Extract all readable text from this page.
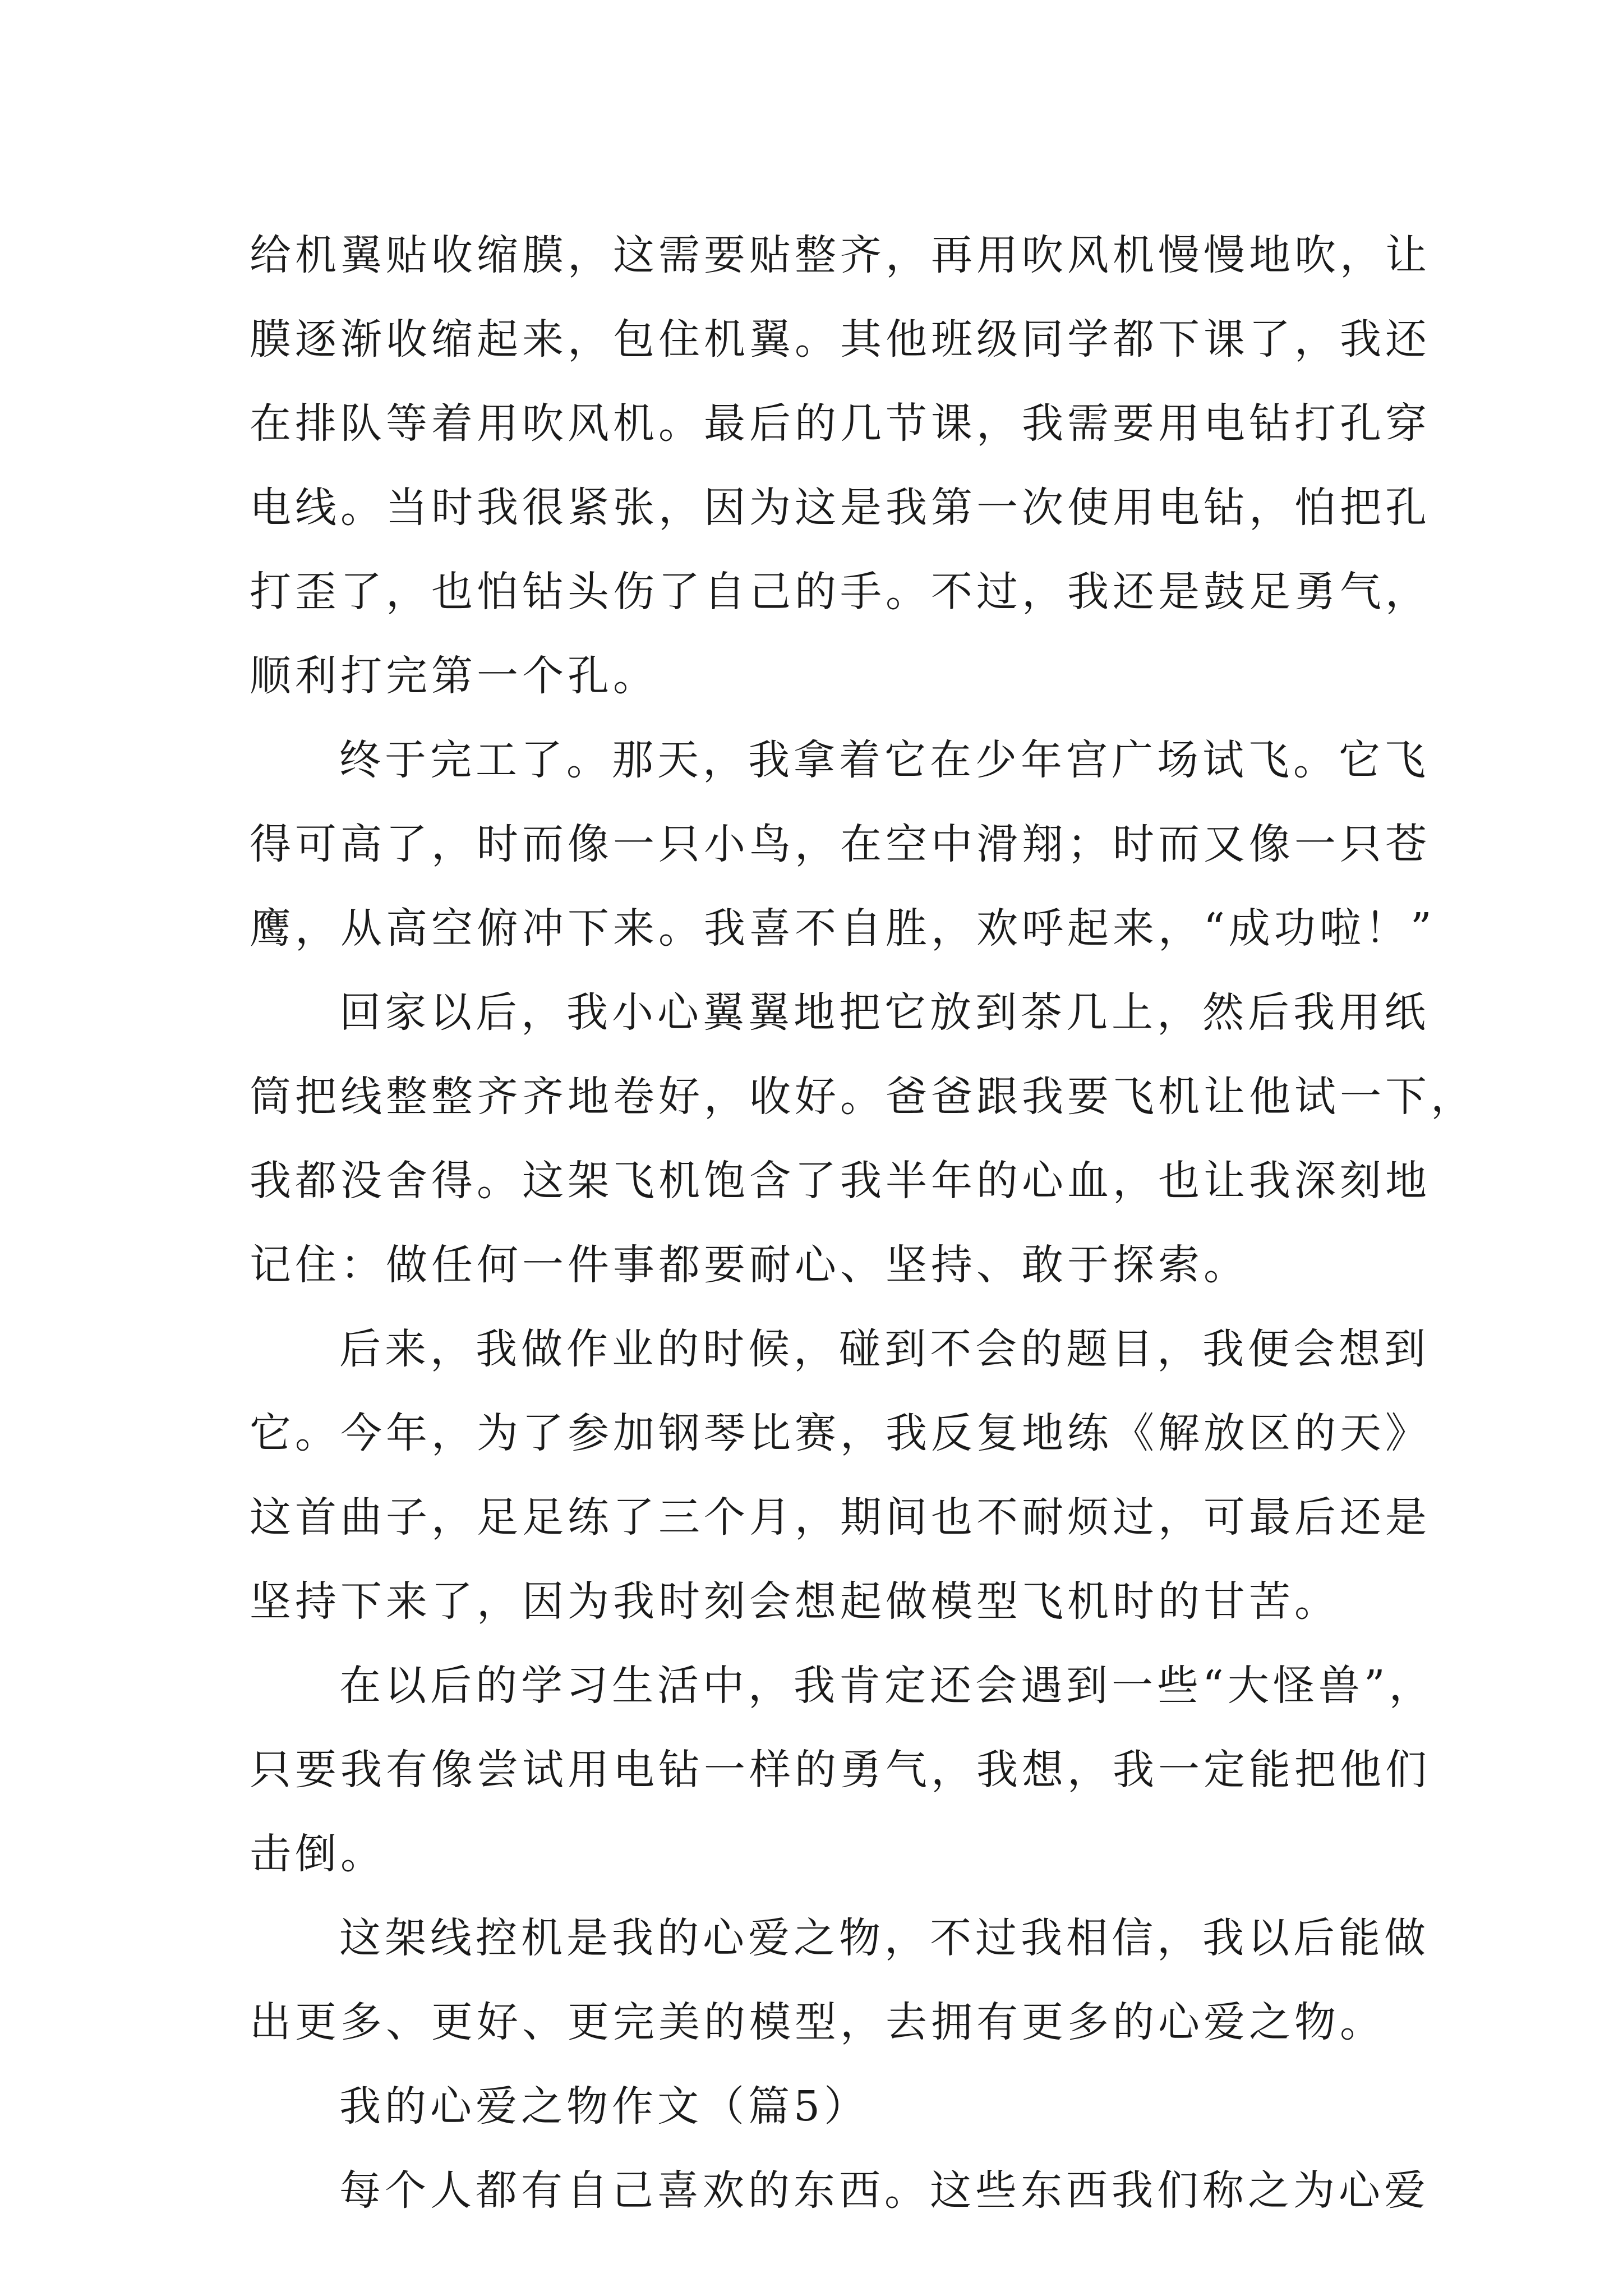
给机翼贴收缩膜，这需要贴整齐，再用吹风机慢慢地吹，让
膜逐渐收缩起来，包住机翼。其他班级同学都下课了，我还
在排队等着用吹风机。最后的几节课，我需要用电钻打孔穿
电线。当时我很紧张，因为这是我第一次使用电钻，怕把孔
打歪了，也怕钻头伤了自己的手。不过，我还是鼓足勇气，
顺利打完第一个孔。

终于完工了。那天，我拿着它在少年宫广场试飞。它飞
得可高了，时而像一只小鸟，在空中滑翔；时而又像一只苍
鹰，从高空俯冲下来。我喜不自胜，欢呼起来，“成功啦！”

回家以后，我小心翼翼地把它放到茶几上，然后我用纸
筒把线整整齐齐地卷好，收好。爸爸跟我要飞机让他试一下，
我都没舍得。这架飞机饱含了我半年的心血，也让我深刻地
记住：做任何一件事都要耐心、坚持、敢于探索。

后来，我做作业的时候，碰到不会的题目，我便会想到
它。今年，为了参加钢琴比赛，我反复地练《解放区的天》
这首曲子，足足练了三个月，期间也不耐烦过，可最后还是
坚持下来了，因为我时刻会想起做模型飞机时的甘苦。

在以后的学习生活中，我肯定还会遇到一些“大怪兽”，
只要我有像尝试用电钻一样的勇气，我想，我一定能把他们
击倒。

这架线控机是我的心爱之物，不过我相信，我以后能做
出更多、更好、更完美的模型，去拥有更多的心爱之物。

我的心爱之物作文（篇5）

每个人都有自己喜欢的东西。这些东西我们称之为心爱
